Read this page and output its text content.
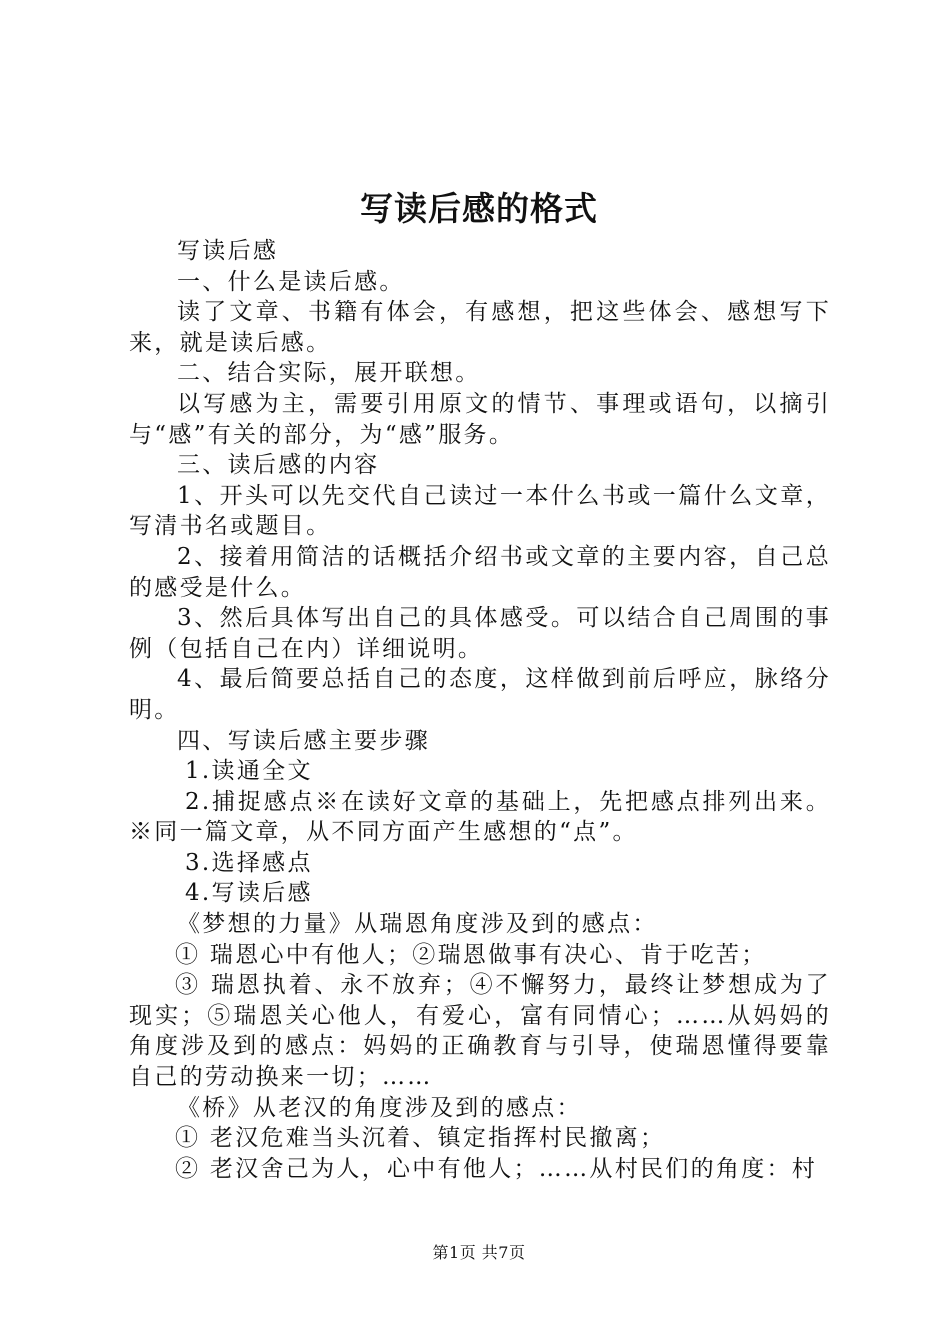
写读后感的格式

写读后感

一、什么是读后感。

读了文章、书籍有体会，有感想，把这些体会、感想写下来，就是读后感。

二、结合实际，展开联想。

以写感为主，需要引用原文的情节、事理或语句，以摘引与“感”有关的部分，为“感”服务。

三、读后感的内容

1、开头可以先交代自己读过一本什么书或一篇什么文章，写清书名或题目。

2、接着用简洁的话概括介绍书或文章的主要内容，自己总的感受是什么。

3、然后具体写出自己的具体感受。可以结合自己周围的事例（包括自己在内）详细说明。

4、最后简要总括自己的态度，这样做到前后呼应，脉络分明。

四、写读后感主要步骤

1.读通全文

2.捕捉感点※在读好文章的基础上，先把感点排列出来。※同一篇文章，从不同方面产生感想的“点”。

3.选择感点

4.写读后感

《梦想的力量》从瑞恩角度涉及到的感点：

① 瑞恩心中有他人；②瑞恩做事有决心、肯于吃苦；

③ 瑞恩执着、永不放弃；④不懈努力，最终让梦想成为了现实；⑤瑞恩关心他人，有爱心，富有同情心；……从妈妈的角度涉及到的感点：妈妈的正确教育与引导，使瑞恩懂得要靠自己的劳动换来一切；……

《桥》从老汉的角度涉及到的感点：

① 老汉危难当头沉着、镇定指挥村民撤离；

② 老汉舍己为人，心中有他人；……从村民们的角度：村

第1页 共7页
